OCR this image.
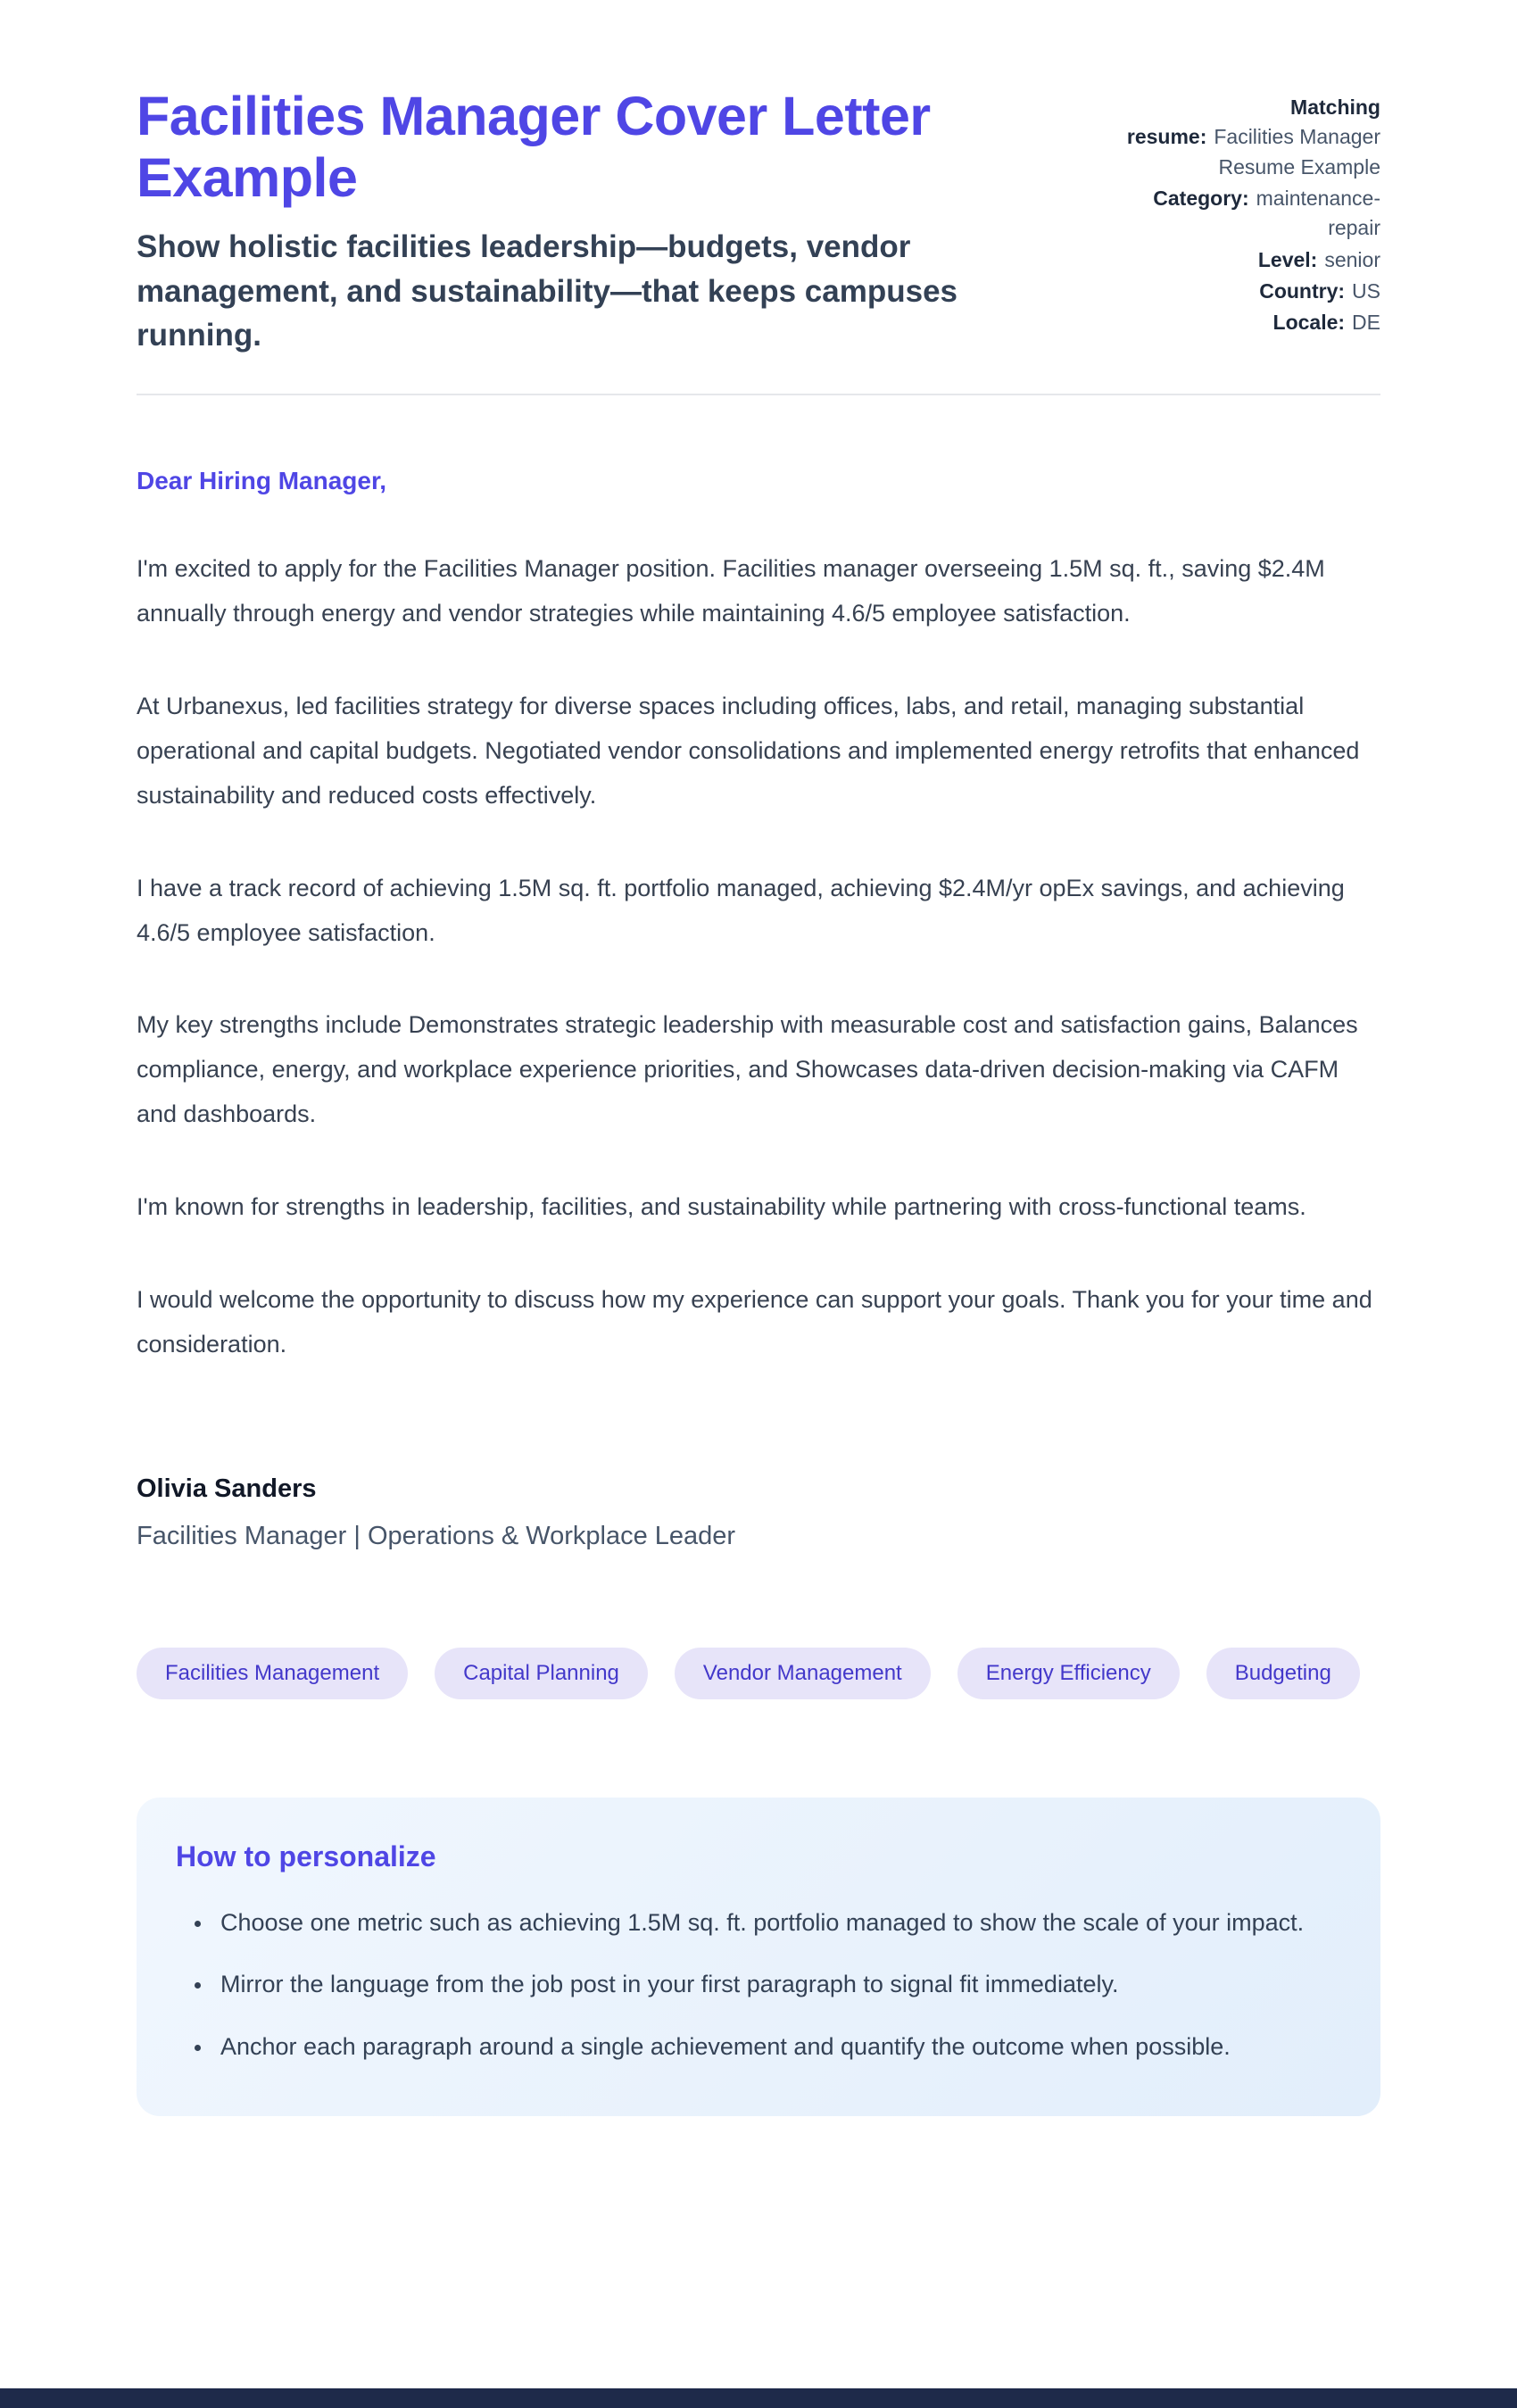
Facilities Manager Cover Letter Example

Show holistic facilities leadership—budgets, vendor management, and sustainability—that keeps campuses running.

Matching resume: Facilities Manager Resume Example
Category: maintenance-repair
Level: senior
Country: US
Locale: DE

Dear Hiring Manager,

I'm excited to apply for the Facilities Manager position. Facilities manager overseeing 1.5M sq. ft., saving $2.4M annually through energy and vendor strategies while maintaining 4.6/5 employee satisfaction.

At Urbanexus, led facilities strategy for diverse spaces including offices, labs, and retail, managing substantial operational and capital budgets. Negotiated vendor consolidations and implemented energy retrofits that enhanced sustainability and reduced costs effectively.

I have a track record of achieving 1.5M sq. ft. portfolio managed, achieving $2.4M/yr opEx savings, and achieving 4.6/5 employee satisfaction.

My key strengths include Demonstrates strategic leadership with measurable cost and satisfaction gains, Balances compliance, energy, and workplace experience priorities, and Showcases data-driven decision-making via CAFM and dashboards.

I'm known for strengths in leadership, facilities, and sustainability while partnering with cross-functional teams.

I would welcome the opportunity to discuss how my experience can support your goals. Thank you for your time and consideration.

Olivia Sanders

Facilities Manager | Operations & Workplace Leader

Facilities Management	Capital Planning	Vendor Management	Energy Efficiency	Budgeting
How to personalize
• Choose one metric such as achieving 1.5M sq. ft. portfolio managed to show the scale of your impact.
• Mirror the language from the job post in your first paragraph to signal fit immediately.
• Anchor each paragraph around a single achievement and quantify the outcome when possible.
